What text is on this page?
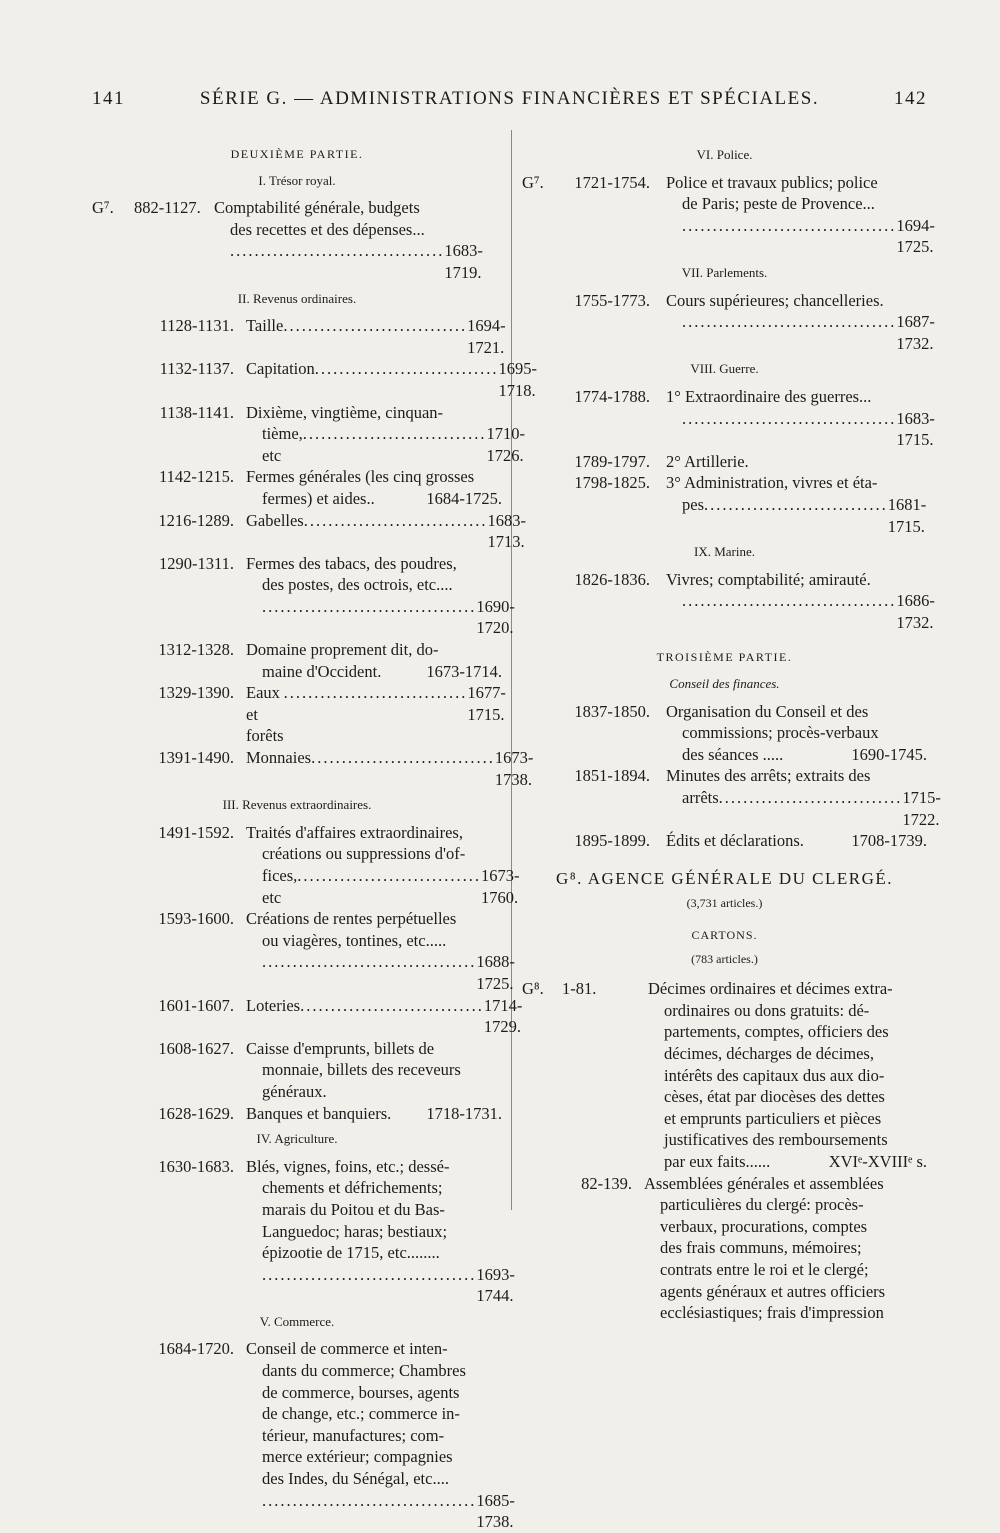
141	SÉRIE G. — ADMINISTRATIONS FINANCIÈRES ET SPÉCIALES.	142
DEUXIÈME PARTIE.
I. Trésor royal.
G⁷.	882-1127. Comptabilité générale, budgets

des recettes et des dépenses...
................................... 1683-1719.
II. Revenus ordinaires.
1128-1131. Taille .............................. 1694-1721.
1132-1137. Capitation .............................. 1695-1718.
1138-1141. Dixième, vingtième, cinquan-

tième, etc
.............................. 1710-1726.
1142-1215. Fermes générales (les cinq grosses

fermes) et aides..
	1684-1725.
1216-1289. Gabelles .............................. 1683-1713.
1290-1311. Fermes des tabacs, des poudres,

des postes, des octrois, etc....
................................... 1690-1720.
1312-1328. Domaine proprement dit, do-

maine d'Occident.
	1673-1714.
1329-1390. Eaux et forêts
.............................. 1677-1715.
1391-1490. Monnaies .............................. 1673-1738.
III. Revenus extraordinaires.
1491-1592. Traités d'affaires extraordinaires,

créations ou suppressions d'of-
fices, etc
.............................. 1673-1760.
1593-1600. Créations de rentes perpétuelles

ou viagères, tontines, etc.....
................................... 1688-1725.
1601-1607. Loteries .............................. 1714-1729.
1608-1627. Caisse d'emprunts, billets de

monnaie, billets des receveurs
généraux.
1628-1629. Banques et banquiers.
1718-1731.
IV. Agriculture.
1630-1683. Blés, vignes, foins, etc.; dessé-

chements et défrichements;
marais du Poitou et du Bas-
Languedoc; haras; bestiaux;
épizootie de 1715, etc........
................................... 1693-1744.
V. Commerce.
1684-1720. Conseil de commerce et inten-

dants du commerce; Chambres
de commerce, bourses, agents
de change, etc.; commerce in-
térieur, manufactures; com-
merce extérieur; compagnies
des Indes, du Sénégal, etc....
................................... 1685-1738.
VI. Police.
G⁷.	1721-1754. Police et travaux publics; police

de Paris; peste de Provence...
................................... 1694-1725.
VII. Parlements.
1755-1773. Cours supérieures; chancelleries.

................................... 1687-1732.
VIII. Guerre.
1774-1788. 1° Extraordinaire des guerres...

................................... 1683-1715.
1789-1797. 2° Artillerie.
1798-1825. 3° Administration, vivres et éta-

pes .............................. 1681-1715.
IX. Marine.
1826-1836. Vivres; comptabilité; amirauté.

................................... 1686-1732.
TROISIÈME PARTIE.
Conseil des finances.
1837-1850. Organisation du Conseil et des

commissions; procès-verbaux
des séances .....
	1690-1745.
1851-1894. Minutes des arrêts; extraits des

arrêts .............................. 1715-1722.
1895-1899. Édits et déclarations.
	1708-1739.
G⁸. AGENCE GÉNÉRALE DU CLERGÉ.
(3,731 articles.)
CARTONS.
(783 articles.)
G⁸.	1-81.	Décimes ordinaires et décimes extra-

ordinaires ou dons gratuits: dé-
partements, comptes, officiers des
décimes, décharges de décimes,
intérêts des capitaux dus aux dio-
cèses, état par diocèses des dettes
et emprunts particuliers et pièces
justificatives des remboursements
par eux faits......
	XVIᵉ-XVIIIᵉ s.
82-139. Assemblées générales et assemblées

particulières du clergé: procès-
verbaux, procurations, comptes
des frais communs, mémoires;
contrats entre le roi et le clergé;
agents généraux et autres officiers
ecclésiastiques; frais d'impression
